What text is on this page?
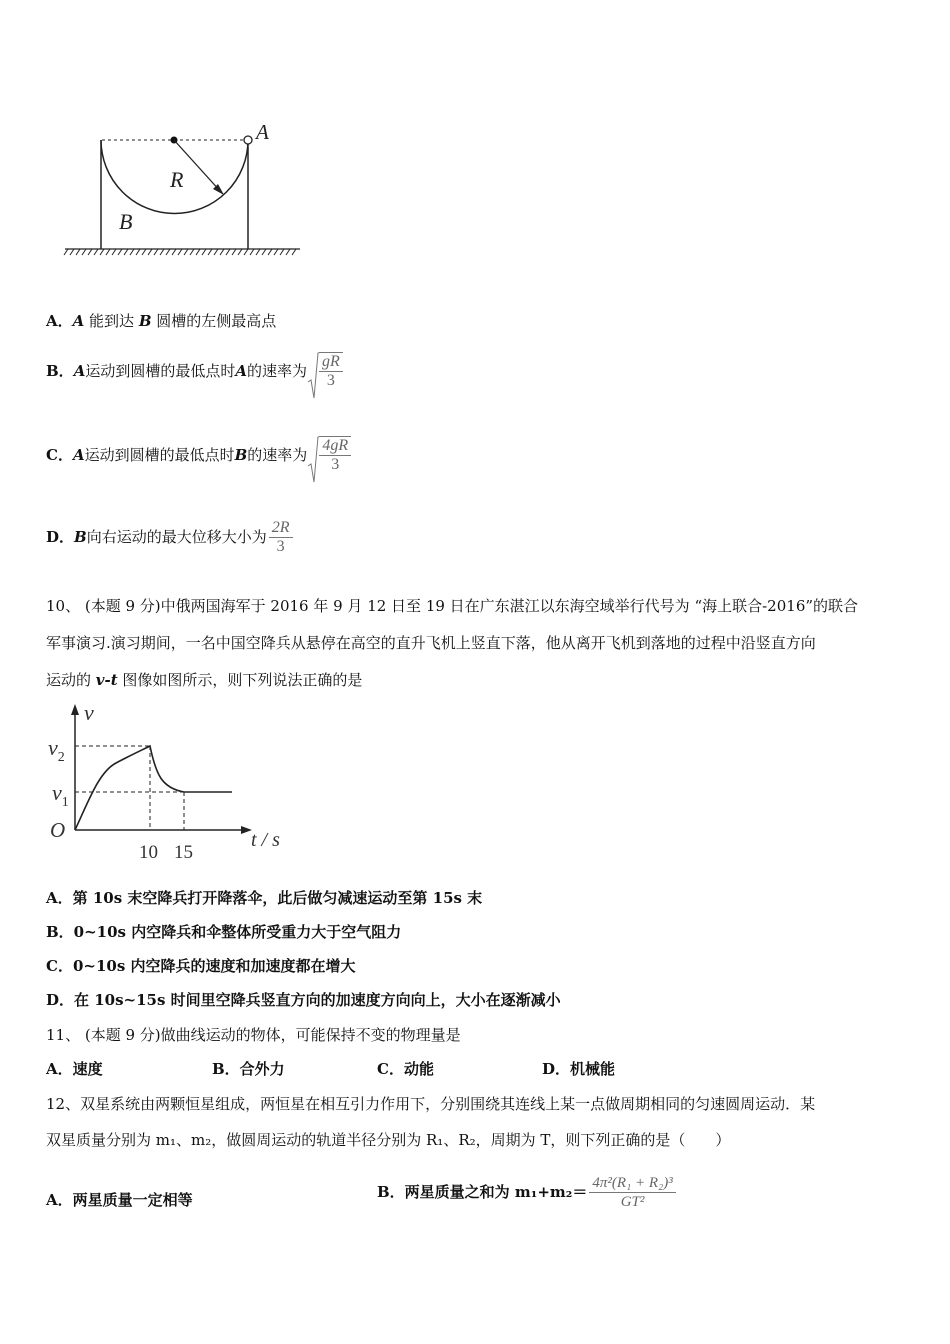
A
R
B
A．A 能到达 B 圆槽的左侧最高点
B． A 运动到圆槽的最低点时 A 的速率为 $\frac{gR}{3}$
C． A 运动到圆槽的最低点时 B 的速率为 $\frac{4gR}{3}$
D． B 向右运动的最大位移大小为 $\frac{2R}{3}$
10、 (本题 9 分)中俄两国海军于 2016 年 9 月 12 日至 19 日在广东湛江以东海空域举行代号为 “海上联合-2016”的联合
军事演习.演习期间，一名中国空降兵从悬停在高空的直升飞机上竖直下落，他从离开飞机到落地的过程中沿竖直方向
运动的 v-t 图像如图所示，则下列说法正确的是
v
$v_2$
$v_1$
O
10 15
t / s
A．第 10s 末空降兵打开降落伞，此后做匀减速运动至第 15s 末
B．0~10s 内空降兵和伞整体所受重力大于空气阻力
C．0~10s 内空降兵的速度和加速度都在增大
D．在 10s~15s 时间里空降兵竖直方向的加速度方向向上，大小在逐渐减小
11、 (本题 9 分)做曲线运动的物体，可能保持不变的物理量是
A．速度	B．合外力	C．动能	D．机械能
12、双星系统由两颗恒星组成，两恒星在相互引力作用下，分别围绕其连线上某一点做周期相同的匀速圆周运动．某
双星质量分别为 m₁、m₂，做圆周运动的轨道半径分别为 R₁、R₂，周期为 T，则下列正确的是（　　）
A．两星质量一定相等	B．两星质量之和为 $m_1+m_2= \frac{\text{4π²(R₁ + R₂)³}}{\text{GT²}}$
